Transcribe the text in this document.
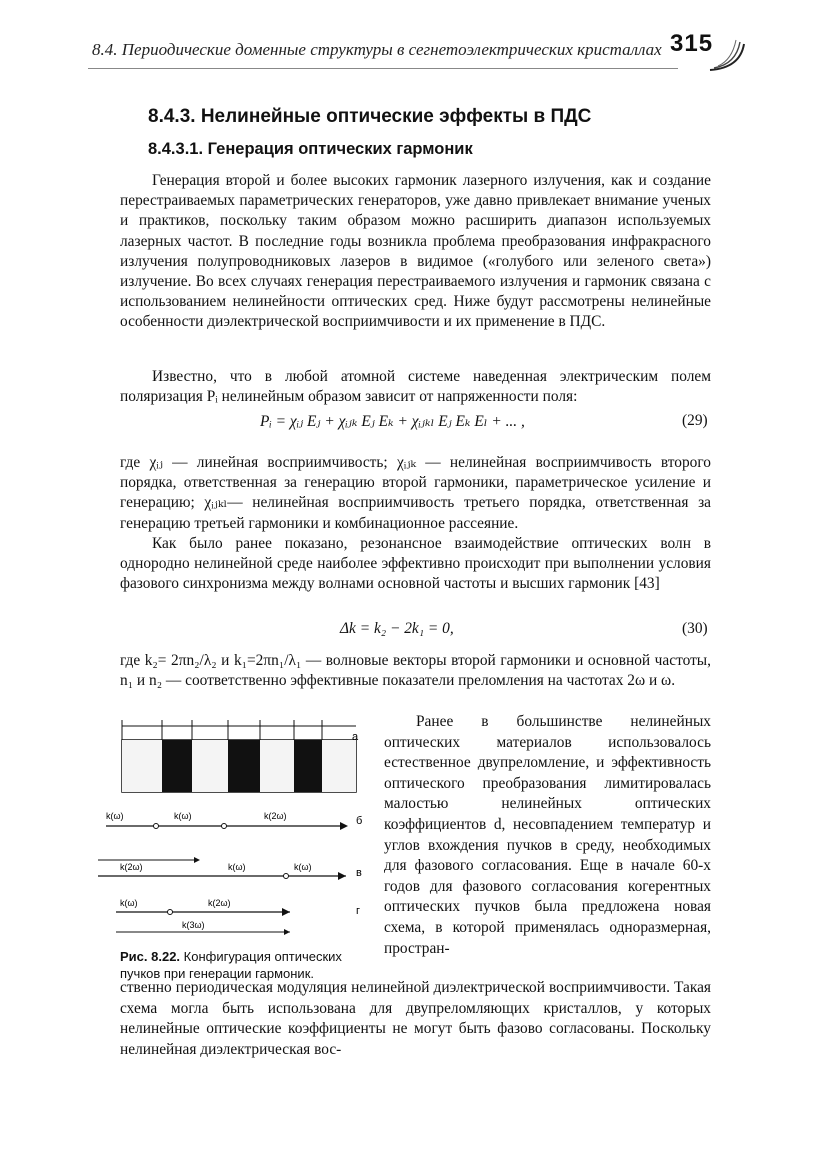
8.4. Периодические доменные структуры в сегнетоэлектрических кристаллах 315
8.4.3. Нелинейные оптические эффекты в ПДС
8.4.3.1. Генерация оптических гармоник
Генерация второй и более высоких гармоник лазерного излучения, как и создание перестраиваемых параметрических генераторов, уже давно привлекает внимание ученых и практиков, поскольку таким образом можно расширить диапазон используемых лазерных частот. В последние годы возникла проблема преобразования инфракрасного излучения полупроводниковых лазеров в видимое («голубого или зеленого света») излучение. Во всех случаях генерация перестраиваемого излучения и гармоник связана с использованием нелинейности оптических сред. Ниже будут рассмотрены нелинейные особенности диэлектрической восприимчивости и их применение в ПДС.
Известно, что в любой атомной системе наведенная электрическим полем поляризация Pᵢ нелинейным образом зависит от напряженности поля:
Pᵢ = χᵢⱼ Eⱼ + χᵢⱼₖ Eⱼ Eₖ + χᵢⱼₖₗ Eⱼ Eₖ Eₗ + ... ,	(29)
где χᵢⱼ — линейная восприимчивость; χᵢⱼₖ — нелинейная восприимчивость второго порядка, ответственная за генерацию второй гармоники, параметрическое усиление и генерацию; χᵢⱼₖₗ— нелинейная восприимчивость третьего порядка, ответственная за генерацию третьей гармоники и комбинационное рассеяние.
Как было ранее показано, резонансное взаимодействие оптических волн в однородно нелинейной среде наиболее эффективно происходит при выполнении условия фазового синхронизма между волнами основной частоты и высших гармоник [43]
Δk = k₂ − 2k₁ = 0,	(30)
где k₂= 2πn₂/λ₂ и k₁=2πn₁/λ₁ — волновые векторы второй гармоники и основной частоты, n₁ и n₂ — соответственно эффективные показатели преломления на частотах 2ω и ω.
а
k(ω)	k(ω)	k(2ω)	б
k(2ω)	k(ω)	k(ω)	в
k(ω)	k(2ω)
k(3ω)
г
Рис. 8.22. Конфигурация оптических пучков при генерации гармоник.
Ранее в большинстве нелинейных оптических материалов использовалось естественное двупреломление, и эффективность оптического преобразования лимитировалась малостью нелинейных оптических коэффициентов d, несовпадением температур и углов вхождения пучков в среду, необходимых для фазового согласования. Еще в начале 60-х годов для фазового согласования когерентных оптических пучков была предложена новая схема, в которой применялась одноразмерная, простран-
ственно периодическая модуляция нелинейной диэлектрической восприимчивости. Такая схема могла быть использована для двупреломляющих кристаллов, у которых нелинейные оптические коэффициенты не могут быть фазово согласованы. Поскольку нелинейная диэлектрическая вос-
